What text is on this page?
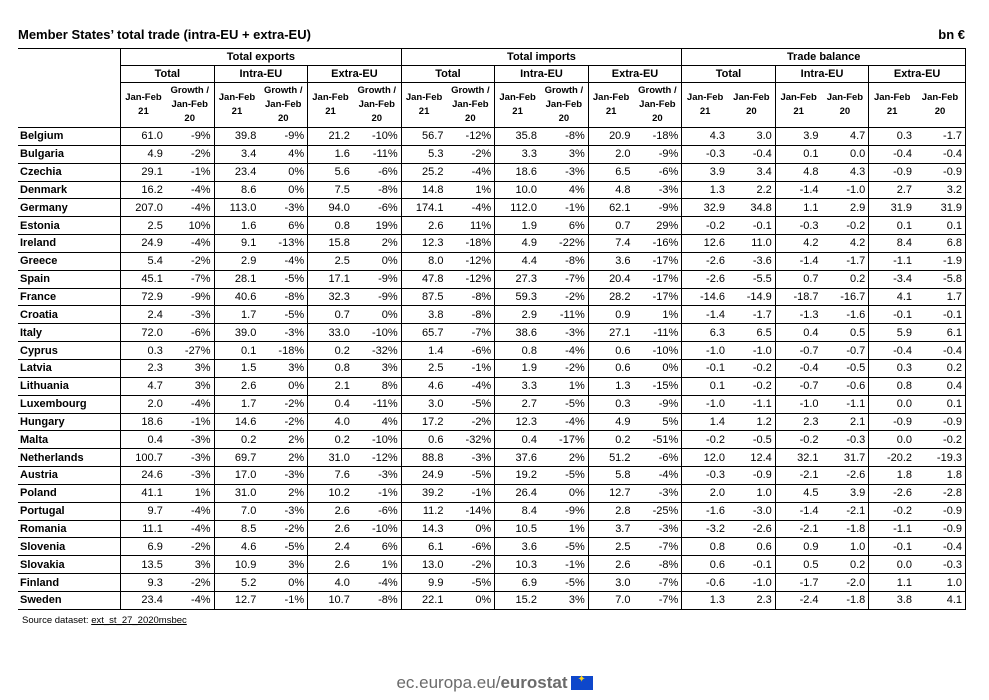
Member States’ total trade (intra-EU + extra-EU)	bn €
	Total exports						Total imports						Trade balance					
	Total		Intra-EU		Extra-EU		Total		Intra-EU		Extra-EU		Total		Intra-EU		Extra-EU	
	Jan-Feb 21	Growth / Jan-Feb 20	Jan-Feb 21	Growth / Jan-Feb 20	Jan-Feb 21	Growth / Jan-Feb 20	Jan-Feb 21	Growth / Jan-Feb 20	Jan-Feb 21	Growth / Jan-Feb 20	Jan-Feb 21	Growth / Jan-Feb 20	Jan-Feb 21	Jan-Feb 20	Jan-Feb 21	Jan-Feb 20	Jan-Feb 21	Jan-Feb 20
Belgium	61.0	-9%	39.8	-9%	21.2	-10%	56.7	-12%	35.8	-8%	20.9	-18%	4.3	3.0	3.9	4.7	0.3	-1.7
Bulgaria	4.9	-2%	3.4	4%	1.6	-11%	5.3	-2%	3.3	3%	2.0	-9%	-0.3	-0.4	0.1	0.0	-0.4	-0.4
Czechia	29.1	-1%	23.4	0%	5.6	-6%	25.2	-4%	18.6	-3%	6.5	-6%	3.9	3.4	4.8	4.3	-0.9	-0.9
Denmark	16.2	-4%	8.6	0%	7.5	-8%	14.8	1%	10.0	4%	4.8	-3%	1.3	2.2	-1.4	-1.0	2.7	3.2
Germany	207.0	-4%	113.0	-3%	94.0	-6%	174.1	-4%	112.0	-1%	62.1	-9%	32.9	34.8	1.1	2.9	31.9	31.9
Estonia	2.5	10%	1.6	6%	0.8	19%	2.6	11%	1.9	6%	0.7	29%	-0.2	-0.1	-0.3	-0.2	0.1	0.1
Ireland	24.9	-4%	9.1	-13%	15.8	2%	12.3	-18%	4.9	-22%	7.4	-16%	12.6	11.0	4.2	4.2	8.4	6.8
Greece	5.4	-2%	2.9	-4%	2.5	0%	8.0	-12%	4.4	-8%	3.6	-17%	-2.6	-3.6	-1.4	-1.7	-1.1	-1.9
Spain	45.1	-7%	28.1	-5%	17.1	-9%	47.8	-12%	27.3	-7%	20.4	-17%	-2.6	-5.5	0.7	0.2	-3.4	-5.8
France	72.9	-9%	40.6	-8%	32.3	-9%	87.5	-8%	59.3	-2%	28.2	-17%	-14.6	-14.9	-18.7	-16.7	4.1	1.7
Croatia	2.4	-3%	1.7	-5%	0.7	0%	3.8	-8%	2.9	-11%	0.9	1%	-1.4	-1.7	-1.3	-1.6	-0.1	-0.1
Italy	72.0	-6%	39.0	-3%	33.0	-10%	65.7	-7%	38.6	-3%	27.1	-11%	6.3	6.5	0.4	0.5	5.9	6.1
Cyprus	0.3	-27%	0.1	-18%	0.2	-32%	1.4	-6%	0.8	-4%	0.6	-10%	-1.0	-1.0	-0.7	-0.7	-0.4	-0.4
Latvia	2.3	3%	1.5	3%	0.8	3%	2.5	-1%	1.9	-2%	0.6	0%	-0.1	-0.2	-0.4	-0.5	0.3	0.2
Lithuania	4.7	3%	2.6	0%	2.1	8%	4.6	-4%	3.3	1%	1.3	-15%	0.1	-0.2	-0.7	-0.6	0.8	0.4
Luxembourg	2.0	-4%	1.7	-2%	0.4	-11%	3.0	-5%	2.7	-5%	0.3	-9%	-1.0	-1.1	-1.0	-1.1	0.0	0.1
Hungary	18.6	-1%	14.6	-2%	4.0	4%	17.2	-2%	12.3	-4%	4.9	5%	1.4	1.2	2.3	2.1	-0.9	-0.9
Malta	0.4	-3%	0.2	2%	0.2	-10%	0.6	-32%	0.4	-17%	0.2	-51%	-0.2	-0.5	-0.2	-0.3	0.0	-0.2
Netherlands	100.7	-3%	69.7	2%	31.0	-12%	88.8	-3%	37.6	2%	51.2	-6%	12.0	12.4	32.1	31.7	-20.2	-19.3
Austria	24.6	-3%	17.0	-3%	7.6	-3%	24.9	-5%	19.2	-5%	5.8	-4%	-0.3	-0.9	-2.1	-2.6	1.8	1.8
Poland	41.1	1%	31.0	2%	10.2	-1%	39.2	-1%	26.4	0%	12.7	-3%	2.0	1.0	4.5	3.9	-2.6	-2.8
Portugal	9.7	-4%	7.0	-3%	2.6	-6%	11.2	-14%	8.4	-9%	2.8	-25%	-1.6	-3.0	-1.4	-2.1	-0.2	-0.9
Romania	11.1	-4%	8.5	-2%	2.6	-10%	14.3	0%	10.5	1%	3.7	-3%	-3.2	-2.6	-2.1	-1.8	-1.1	-0.9
Slovenia	6.9	-2%	4.6	-5%	2.4	6%	6.1	-6%	3.6	-5%	2.5	-7%	0.8	0.6	0.9	1.0	-0.1	-0.4
Slovakia	13.5	3%	10.9	3%	2.6	1%	13.0	-2%	10.3	-1%	2.6	-8%	0.6	-0.1	0.5	0.2	0.0	-0.3
Finland	9.3	-2%	5.2	0%	4.0	-4%	9.9	-5%	6.9	-5%	3.0	-7%	-0.6	-1.0	-1.7	-2.0	1.1	1.0
Sweden	23.4	-4%	12.7	-1%	10.7	-8%	22.1	0%	15.2	3%	7.0	-7%	1.3	2.3	-2.4	-1.8	3.8	4.1
Source dataset: ext_st_27_2020msbec
ec.europa.eu/eurostat✦
